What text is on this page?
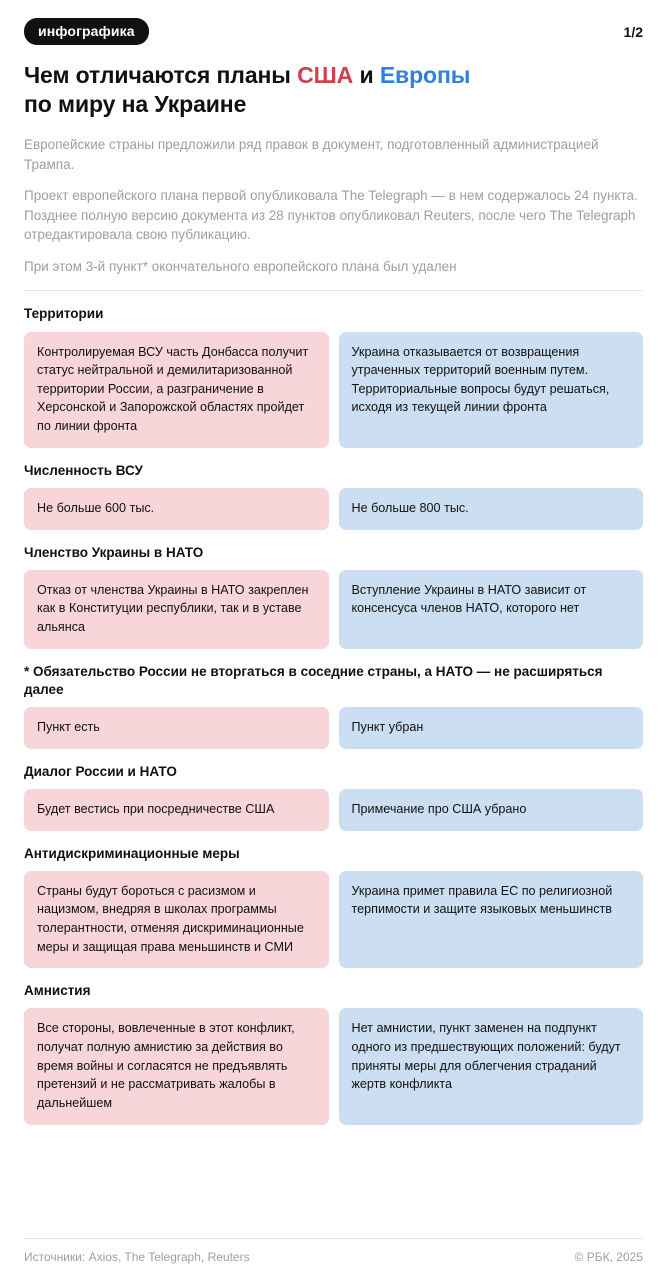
инфографика	1/2
Чем отличаются планы США и Европы
по миру на Украине

Европейские страны предложили ряд правок в документ, подготовленный администрацией Трампа.

Проект европейского плана первой опубликовала The Telegraph — в нем содержалось 24 пункта. Позднее полную версию документа из 28 пунктов опубликовал Reuters, после чего The Telegraph отредактировала свою публикацию.

При этом 3-й пункт* окончательного европейского плана был удален

Территории
Контролируемая ВСУ часть Донбасса получит статус нейтральной и демилитаризованной территории России, а разграничение в Херсонской и Запорожской областях пройдет по линии фронта
Украина отказывается от возвращения утраченных территорий военным путем. Территориальные вопросы будут решаться, исходя из текущей линии фронта
Численность ВСУ
Не больше 600 тыс.	Не больше 800 тыс.
Членство Украины в НАТО
Отказ от членства Украины в НАТО закреплен как в Конституции республики, так и в уставе альянса
Вступление Украины в НАТО зависит от консенсуса членов НАТО, которого нет
* Обязательство России не вторгаться в соседние страны, а НАТО — не расширяться далее
Пункт есть	Пункт убран
Диалог России и НАТО
Будет вестись при посредничестве США	Примечание про США убрано
Антидискриминационные меры
Страны будут бороться с расизмом и нацизмом, внедряя в школах программы толерантности, отменяя дискриминационные меры и защищая права меньшинств и СМИ
Украина примет правила ЕС по религиозной терпимости и защите языковых меньшинств
Амнистия
Все стороны, вовлеченные в этот конфликт, получат полную амнистию за действия во время войны и согласятся не предъявлять претензий и не рассматривать жалобы в дальнейшем
Нет амнистии, пункт заменен на подпункт одного из предшествующих положений: будут приняты меры для облегчения страданий жертв конфликта
Источники: Axios, The Telegraph, Reuters	© РБК, 2025
